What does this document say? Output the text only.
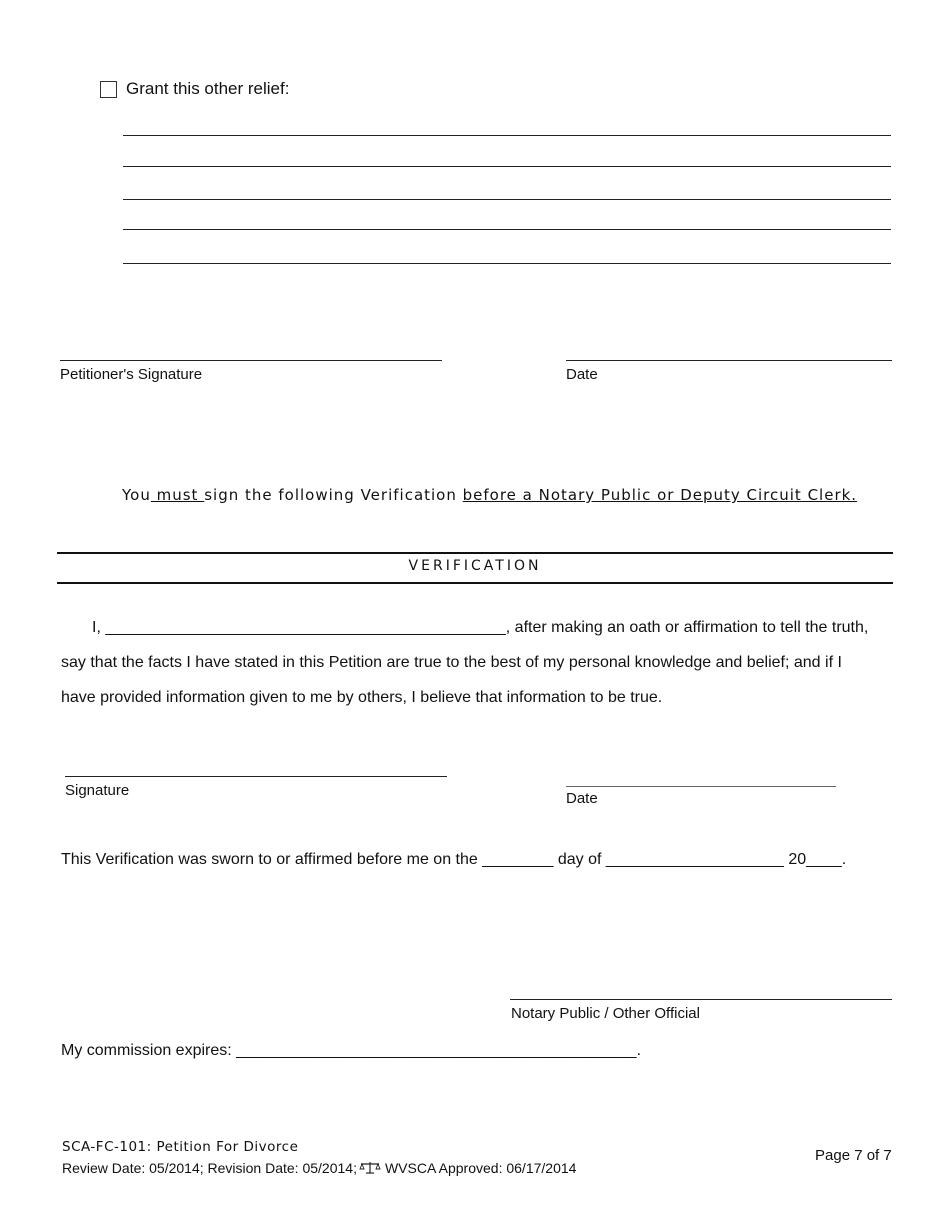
Grant this other relief:
Petitioner's Signature	Date
You must sign the following Verification before a Notary Public or Deputy Circuit Clerk.
VERIFICATION
I, _____________________________________________, after making an oath or affirmation to tell the truth,
say that the facts I have stated in this Petition are true to the best of my personal knowledge and belief; and if I
have provided information given to me by others, I believe that information to be true.
Signature	Date
This Verification was sworn to or affirmed before me on the ________ day of ____________________ 20____.
Notary Public / Other Official
My commission expires: _____________________________________________.
SCA-FC-101: Petition For Divorce
Review Date: 05/2014; Revision Date: 05/2014; WVSCA Approved: 06/17/2014
Page 7 of 7
